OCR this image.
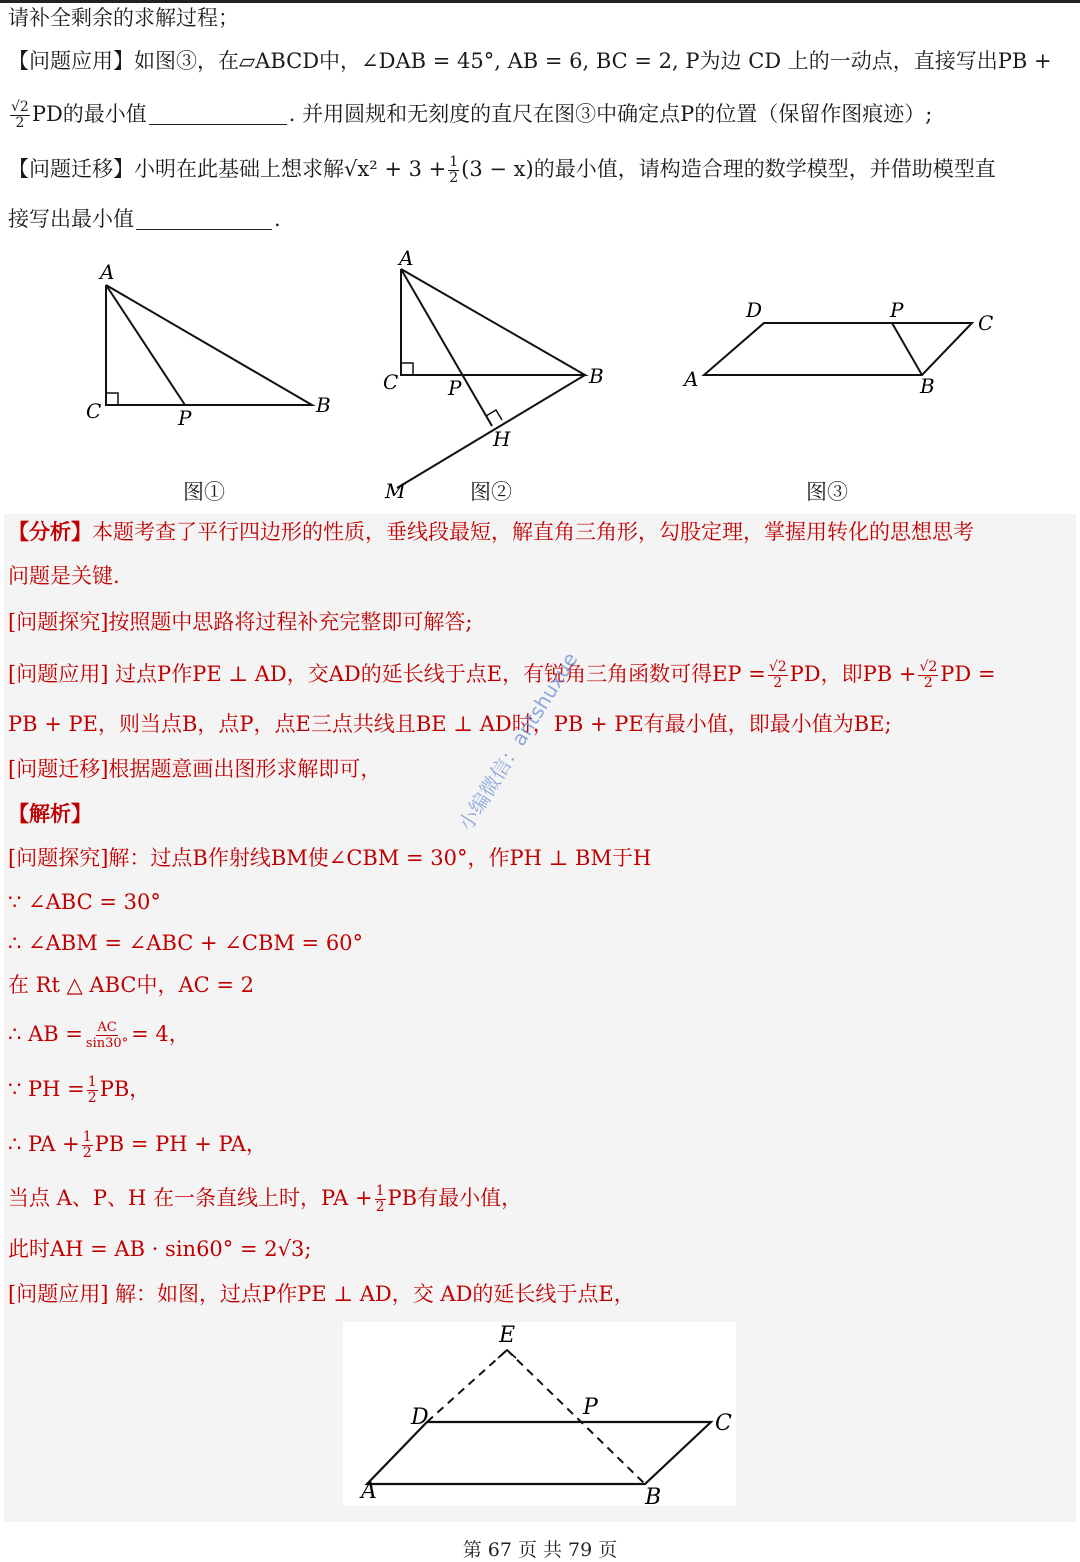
请补全剩余的求解过程；
【问题应用】如图③，在▱ABCD中，∠DAB = 45°, AB = 6, BC = 2, P为边 CD 上的一动点，直接写出PB +
$\frac{√2}{2}$ PD的最小值	. 并用圆规和无刻度的直尺在图③中确定点P的位置（保留作图痕迹）;
【问题迁移】小明在此基础上想求解$√x^2 + 3 + \frac{1}{2} (3 - x)$的最小值，请构造合理的数学模型，并借助模型直
接写出最小值	.
A
C	P
B
图①
A
C P	B
H
M	图②
A
D	P
C
B
图③
【分析】本题考查了平行四边形的性质，垂线段最短，解直角三角形，勾股定理，掌握用转化的思想思考
问题是关键.
[问题探究]按照题中思路将过程补充完整即可解答;
[问题应用] 过点P作PE ⊥ AD，交AD的延长线于点E，有锐角三角函数可得EP = $\frac{√2}{2}$ PD，即PB + $\frac{√2}{2}$ PD =
PB + PE，则当点B，点P，点E三点共线且BE ⊥ AD时，PB + PE有最小值，即最小值为BE;
[问题迁移]根据题意画出图形求解即可，
【解析】
[问题探究]解：过点B作射线BM使∠CBM = 30°，作PH ⊥ BM于H
∵ ∠ABC = 30°
∴ ∠ABM = ∠ABC + ∠CBM = 60°
在 Rt △ ABC中，AC = 2
∴ AB = $\frac{AC}{\sin 30^\circ} = 4$，
∵ PH = $\frac{1}{2}$ PB，
∴ PA + $\frac{1}{2}$ PB = PH + PA，
当点 A、P、H 在一条直线上时，PA + $\frac{1}{2}$ PB有最小值，
此时AH = AB · sin60° = 2√3;
[问题应用] 解：如图，过点P作PE ⊥ AD，交 AD的延长线于点E，
A
D
E
P
C
B
小编微信：antshuxue
第 67 页 共 79 页
